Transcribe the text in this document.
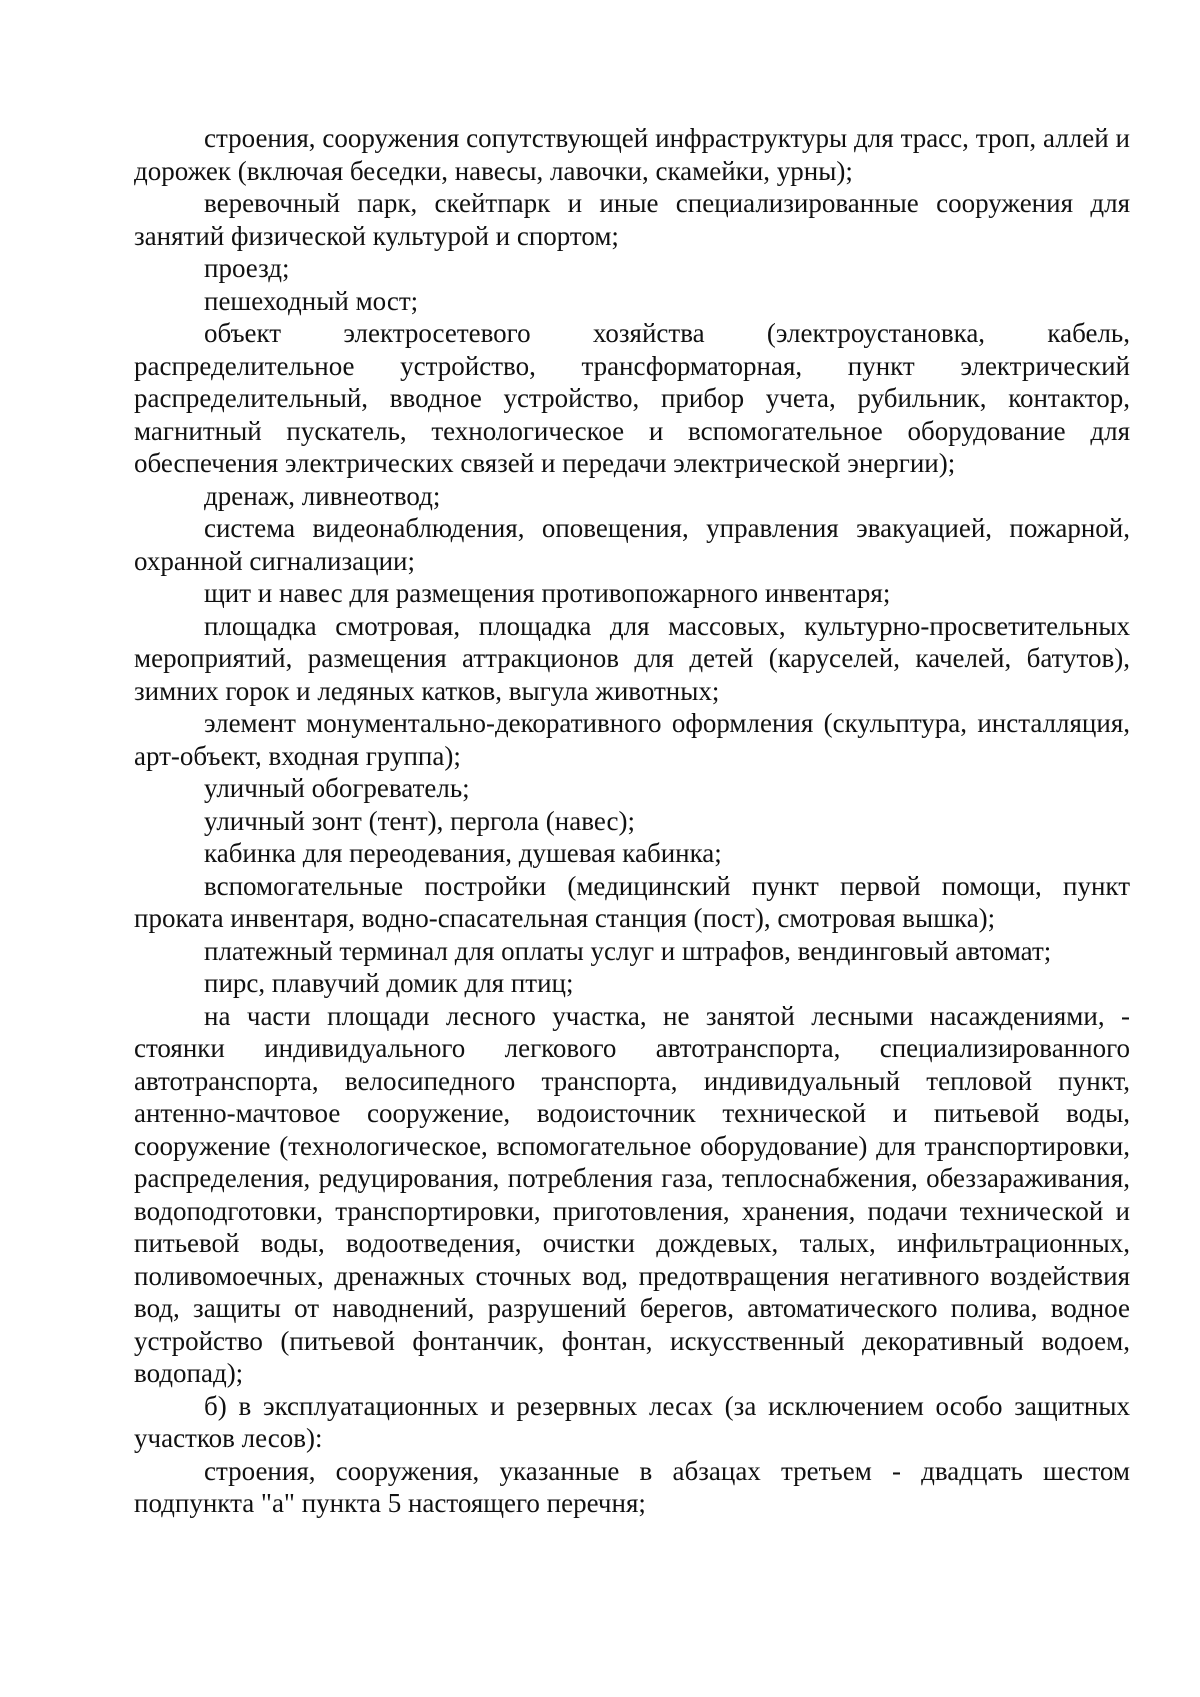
строения, сооружения сопутствующей инфраструктуры для трасс, троп, аллей и дорожек (включая беседки, навесы, лавочки, скамейки, урны);

веревочный парк, скейтпарк и иные специализированные сооружения для занятий физической культурой и спортом;

проезд;

пешеходный мост;

объект электросетевого хозяйства (электроустановка, кабель, распределительное устройство, трансформаторная, пункт электрический распределительный, вводное устройство, прибор учета, рубильник, контактор, магнитный пускатель, технологическое и вспомогательное оборудование для обеспечения электрических связей и передачи электрической энергии);

дренаж, ливнеотвод;

система видеонаблюдения, оповещения, управления эвакуацией, пожарной, охранной сигнализации;

щит и навес для размещения противопожарного инвентаря;

площадка смотровая, площадка для массовых, культурно-просветительных мероприятий, размещения аттракционов для детей (каруселей, качелей, батутов), зимних горок и ледяных катков, выгула животных;

элемент монументально-декоративного оформления (скульптура, инсталляция, арт-объект, входная группа);

уличный обогреватель;

уличный зонт (тент), пергола (навес);

кабинка для переодевания, душевая кабинка;

вспомогательные постройки (медицинский пункт первой помощи, пункт проката инвентаря, водно-спасательная станция (пост), смотровая вышка);

платежный терминал для оплаты услуг и штрафов, вендинговый автомат;

пирс, плавучий домик для птиц;

на части площади лесного участка, не занятой лесными насаждениями, - стоянки индивидуального легкового автотранспорта, специализированного автотранспорта, велосипедного транспорта, индивидуальный тепловой пункт, антенно-мачтовое сооружение, водоисточник технической и питьевой воды, сооружение (технологическое, вспомогательное оборудование) для транспортировки, распределения, редуцирования, потребления газа, теплоснабжения, обеззараживания, водоподготовки, транспортировки, приготовления, хранения, подачи технической и питьевой воды, водоотведения, очистки дождевых, талых, инфильтрационных, поливомоечных, дренажных сточных вод, предотвращения негативного воздействия вод, защиты от наводнений, разрушений берегов, автоматического полива, водное устройство (питьевой фонтанчик, фонтан, искусственный декоративный водоем, водопад);

б) в эксплуатационных и резервных лесах (за исключением особо защитных участков лесов):

строения, сооружения, указанные в абзацах третьем - двадцать шестом подпункта "а" пункта 5 настоящего перечня;
